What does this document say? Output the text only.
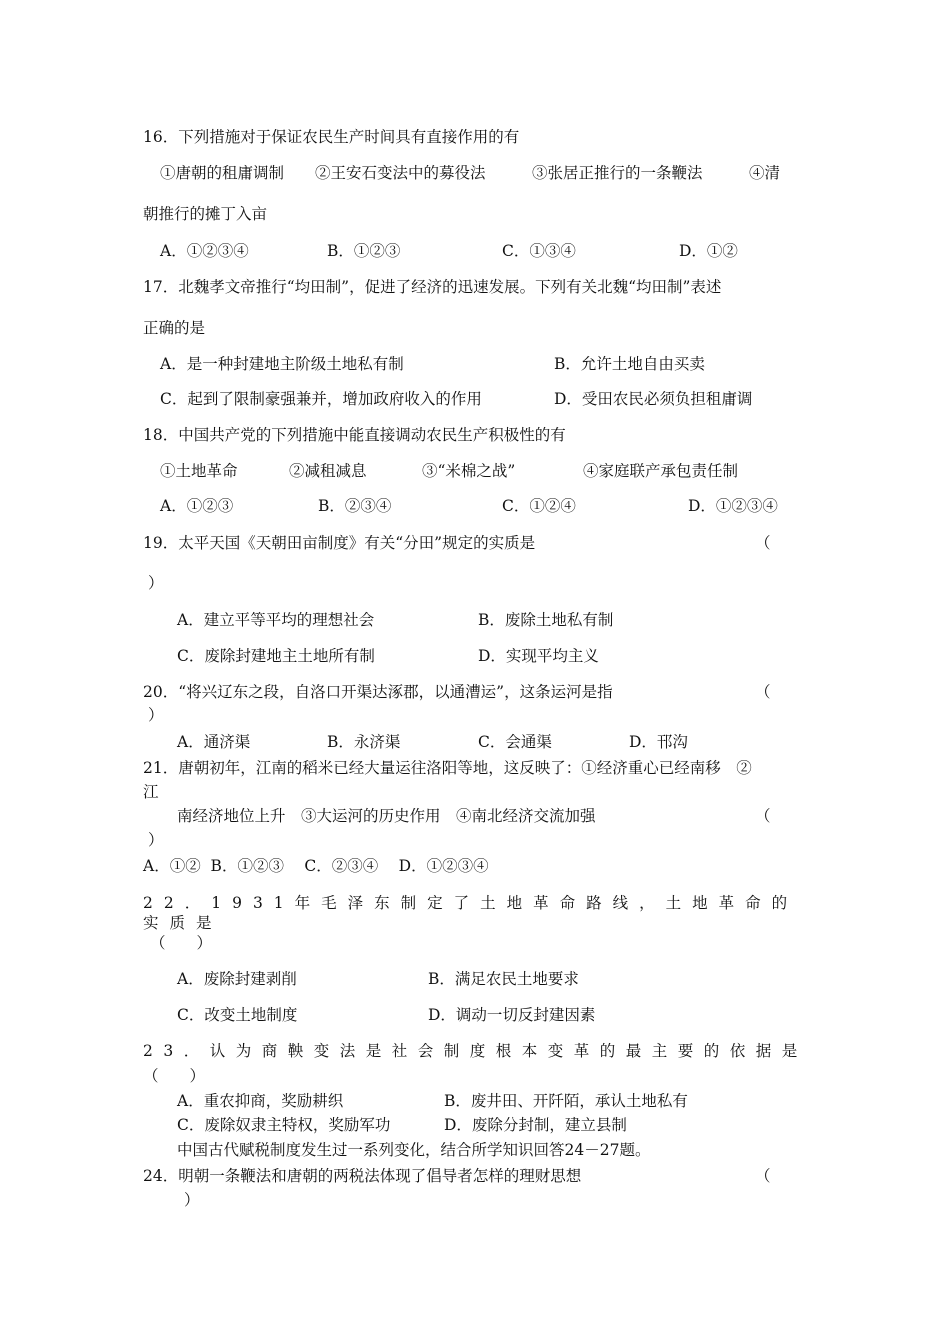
16．下列措施对于保证农民生产时间具有直接作用的有
①唐朝的租庸调制　　②王安石变法中的募役法　　　③张居正推行的一条鞭法　　　④清
朝推行的摊丁入亩
A．①②③④	B．①②③	C．①③④	D．①②
17．北魏孝文帝推行“均田制”，促进了经济的迅速发展。下列有关北魏“均田制”表述
正确的是
A．是一种封建地主阶级土地私有制	B．允许土地自由买卖
C．起到了限制豪强兼并，增加政府收入的作用	D．受田农民必须负担租庸调
18．中国共产党的下列措施中能直接调动农民生产积极性的有
①土地革命	②减租减息	③“米棉之战”	④家庭联产承包责任制
A．①②③	B．②③④	C．①②④	D．①②③④
19．太平天国《天朝田亩制度》有关“分田”规定的实质是	（
）
A．建立平等平均的理想社会	B．废除土地私有制
C．废除封建地主土地所有制	D．实现平均主义
20．“将兴辽东之段，自洛口开渠达涿郡，以通漕运”，这条运河是指	（
）
A．通济渠	B．永济渠	C．会通渠	D．邗沟
21．唐朝初年，江南的稻米已经大量运往洛阳等地，这反映了：①经济重心已经南移　②
江
南经济地位上升　③大运河的历史作用　④南北经济交流加强	（
）
A．①②  B．①②③　 C．②③④　 D．①②③④
22．1931年毛泽东制定了土地革命路线，土地革命的实质是
（　　）
A．废除封建剥削	B．满足农民土地要求
C．改变土地制度	D．调动一切反封建因素
23．认为商鞅变法是社会制度根本变革的最主要的依据是
（　　）
A．重农抑商，奖励耕织	B．废井田、开阡陌，承认土地私有
C．废除奴隶主特权，奖励军功	D．废除分封制，建立县制
中国古代赋税制度发生过一系列变化，结合所学知识回答24－27题。
24．明朝一条鞭法和唐朝的两税法体现了倡导者怎样的理财思想	（
）
